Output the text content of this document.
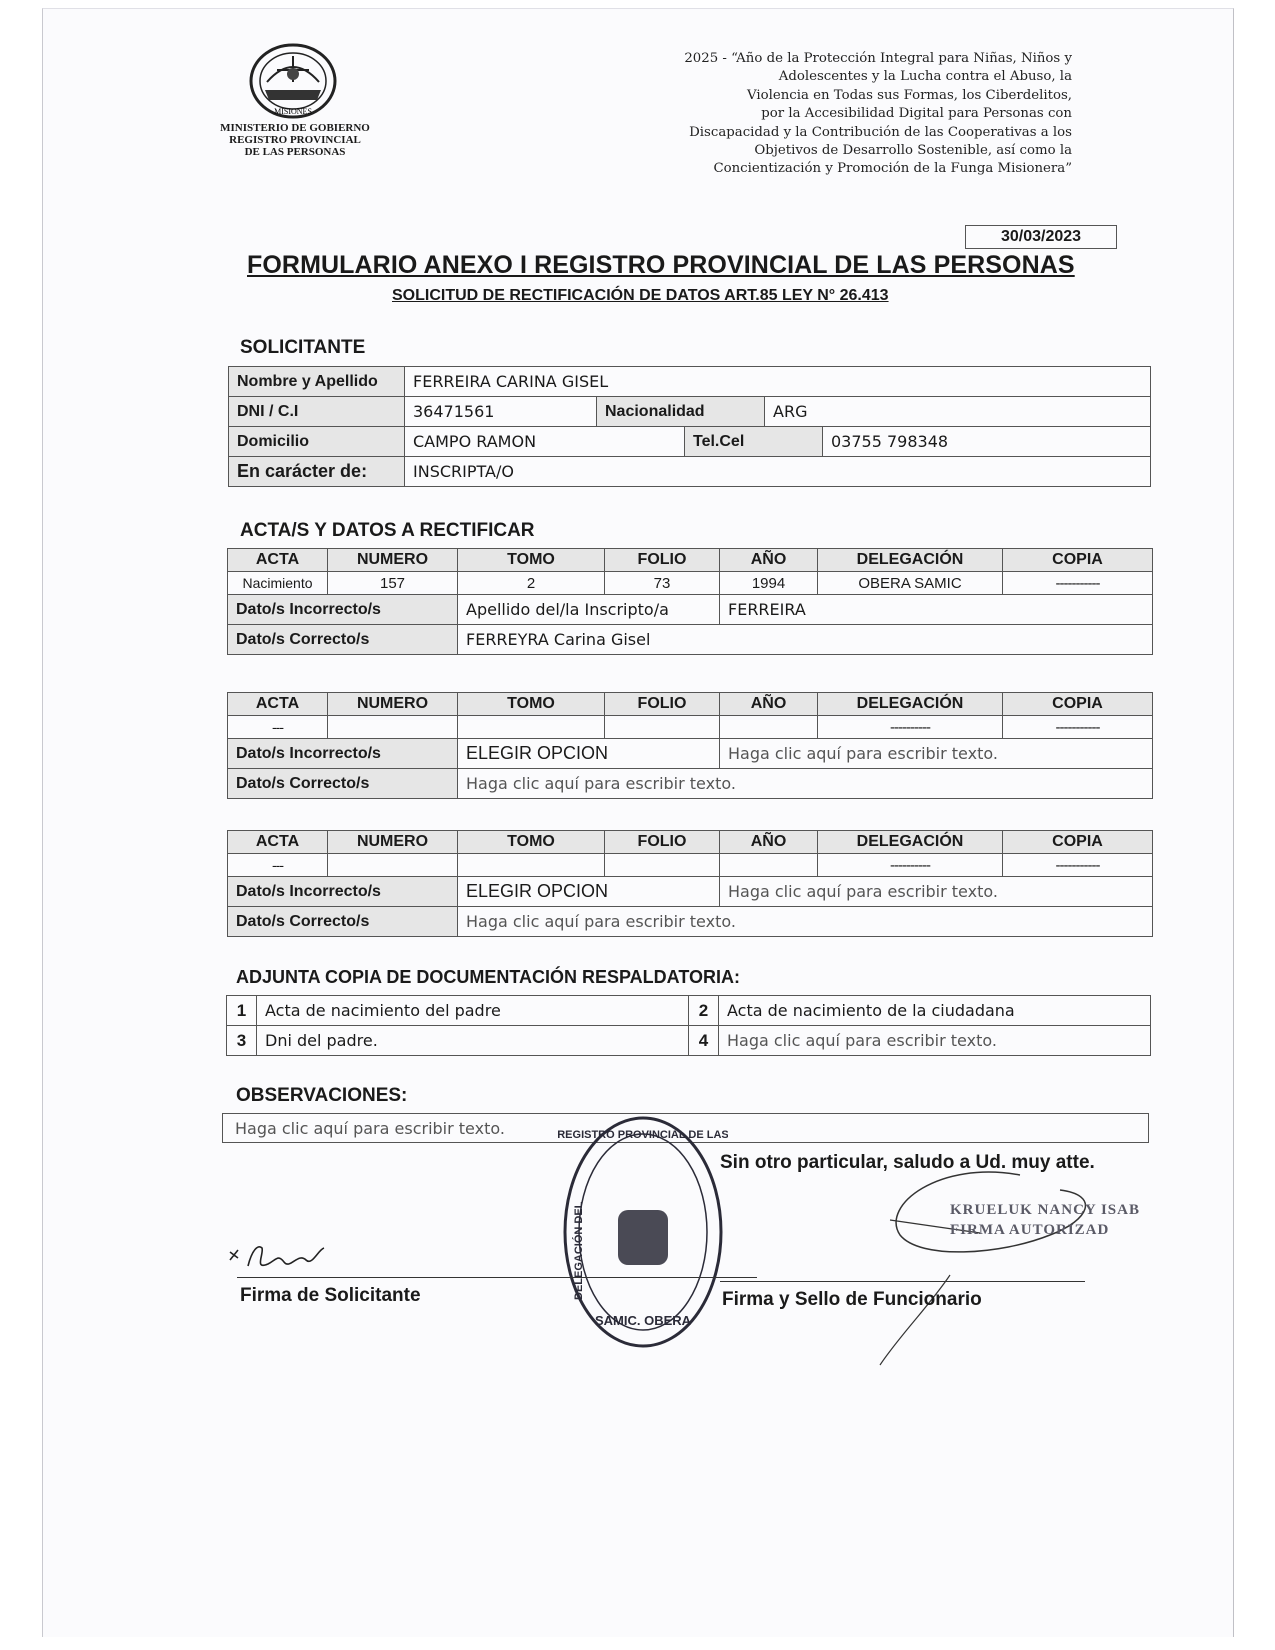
MISIONES
MINISTERIO DE GOBIERNO
REGISTRO PROVINCIAL
DE LAS PERSONAS
2025 - “Año de la Protección Integral para Niñas, Niños y
Adolescentes y la Lucha contra el Abuso, la
Violencia en Todas sus Formas, los Ciberdelitos,
por la Accesibilidad Digital para Personas con
Discapacidad y la Contribución de las Cooperativas a los
Objetivos de Desarrollo Sostenible, así como la
Concientización y Promoción de la Funga Misionera”
30/03/2023
FORMULARIO ANEXO I REGISTRO PROVINCIAL DE LAS PERSONAS
SOLICITUD DE RECTIFICACIÓN DE DATOS ART.85 LEY N° 26.413
SOLICITANTE
Nombre y Apellido	FERREIRA CARINA GISEL				
DNI / C.I	36471561	Nacionalidad		ARG	
Domicilio	CAMPO RAMON		Tel.Cel		03755 798348
En carácter de:	INSCRIPTA/O				
ACTA/S Y DATOS A RECTIFICAR
ACTA	NUMERO	TOMO	FOLIO	AÑO	DELEGACIÓN	COPIA
Nacimiento	157	2	73	1994	OBERA SAMIC	-----------
Dato/s Incorrecto/s		Apellido del/la Inscripto/a		FERREIRA		
Dato/s Correcto/s		FERREYRA Carina Gisel				
ACTA	NUMERO	TOMO	FOLIO	AÑO	DELEGACIÓN	COPIA
---					----------	-----------
Dato/s Incorrecto/s		ELEGIR OPCION		Haga clic aquí para escribir texto.		
Dato/s Correcto/s		Haga clic aquí para escribir texto.				
ACTA	NUMERO	TOMO	FOLIO	AÑO	DELEGACIÓN	COPIA
---					----------	-----------
Dato/s Incorrecto/s		ELEGIR OPCION		Haga clic aquí para escribir texto.		
Dato/s Correcto/s		Haga clic aquí para escribir texto.				
ADJUNTA COPIA DE DOCUMENTACIÓN RESPALDATORIA:
1	Acta de nacimiento del padre	2	Acta de nacimiento de la ciudadana
3	Dni del padre.	4	Haga clic aquí para escribir texto.
OBSERVACIONES:
Haga clic aquí para escribir texto.
SAMIC. OBERA
REGISTRO PROVINCIAL DE LAS
DELEGACIÓN DEL
Sin otro particular, saludo a Ud. muy atte.
KRUELUK NANCY ISAB
FIRMA AUTORIZAD
Firma de Solicitante	Firma y Sello de Funcionario
